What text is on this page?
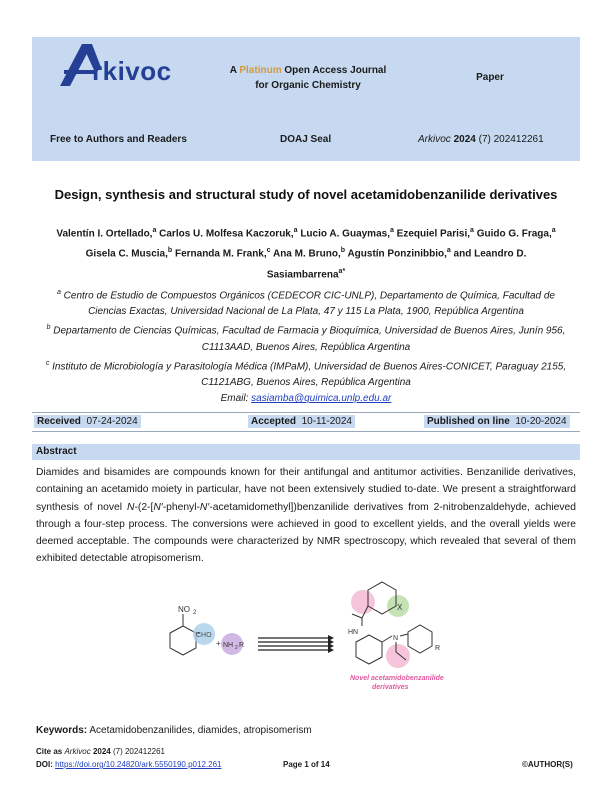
rkivoc	A Platinum Open Access Journal
for Organic Chemistry
Paper
Free to Authors and Readers	DOAJ Seal	Arkivoc 2024 (7) 202412261
Design, synthesis and structural study of novel acetamidobenzanilide derivatives
Valentín I. Ortellado,$^a$ Carlos U. Molfesa Kaczoruk,$^a$ Lucio A. Guaymas,$^a$ Ezequiel Parisi,$^a$ Guido G. Fraga,$^a$
Gisela C. Muscia,$^b$ Fernanda M. Frank,$^c$ Ana M. Bruno,$^b$ Agustín Ponzinibbio,$^a$ and Leandro D.
Sasiambarrena$^{a*}$
$^a$ Centro de Estudio de Compuestos Orgánicos (CEDECOR CIC-UNLP), Departamento de Química, Facultad de Ciencias Exactas, Universidad Nacional de La Plata, 47 y 115 La Plata, 1900, República Argentina
$^b$ Departamento de Ciencias Químicas, Facultad de Farmacia y Bioquímica, Universidad de Buenos Aires, Junín 956, C1113AAD, Buenos Aires, República Argentina
$^c$ Instituto de Microbiología y Parasitología Médica (IMPaM), Universidad de Buenos Aires-CONICET, Paraguay 2155, C1121ABG, Buenos Aires, República Argentina
Email: sasiamba@quimica.unlp.edu.ar
Received 07-24-2024	Accepted 10-11-2024	Published on line 10-20-2024
Abstract
Diamides and bisamides are compounds known for their antifungal and antitumor activities. Benzanilide derivatives, containing an acetamido moiety in particular, have not been extensively studied to-date. We present a straightforward synthesis of novel N-(2-[N′-phenyl-N′-acetamidomethyl])benzanilide derivatives from 2-nitrobenzaldehyde, achieved through a four-step process. The conversions were achieved in good to excellent yields, and the overall yields were deemed acceptable. The compounds were characterized by NMR spectroscopy, which revealed that several of them exhibited detectable atropisomerism.
NO 2
CHO
+ NH 2 R
X
HN
N
R
Novel acetamidobenzanilide
derivatives
Keywords: Acetamidobenzanilides, diamides, atropisomerism
Cite as Arkivoc 2024 (7) 202412261
DOI: https://doi.org/10.24820/ark.5550190.p012.261	Page 1 of 14	©AUTHOR(S)
